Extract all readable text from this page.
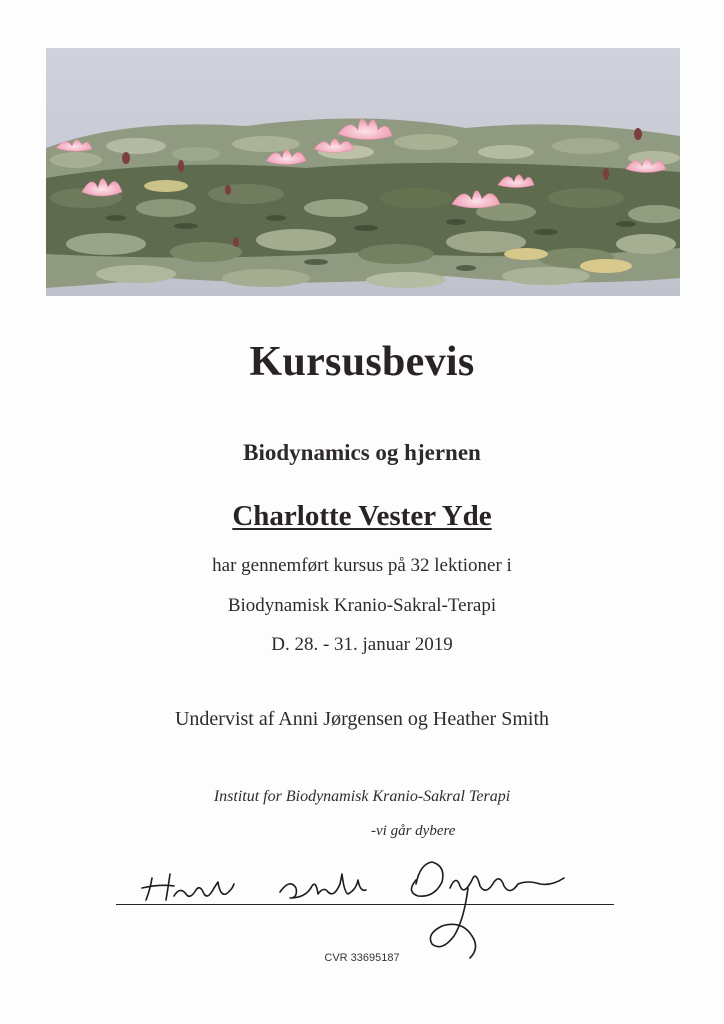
Kursusbevis
Biodynamics og hjernen
Charlotte Vester Yde
har gennemført kursus på 32 lektioner i
Biodynamisk Kranio-Sakral-Terapi
D. 28. - 31. januar 2019
Undervist af Anni Jørgensen og Heather Smith
Institut for Biodynamisk Kranio-Sakral Terapi
-vi går dybere
CVR 33695187
